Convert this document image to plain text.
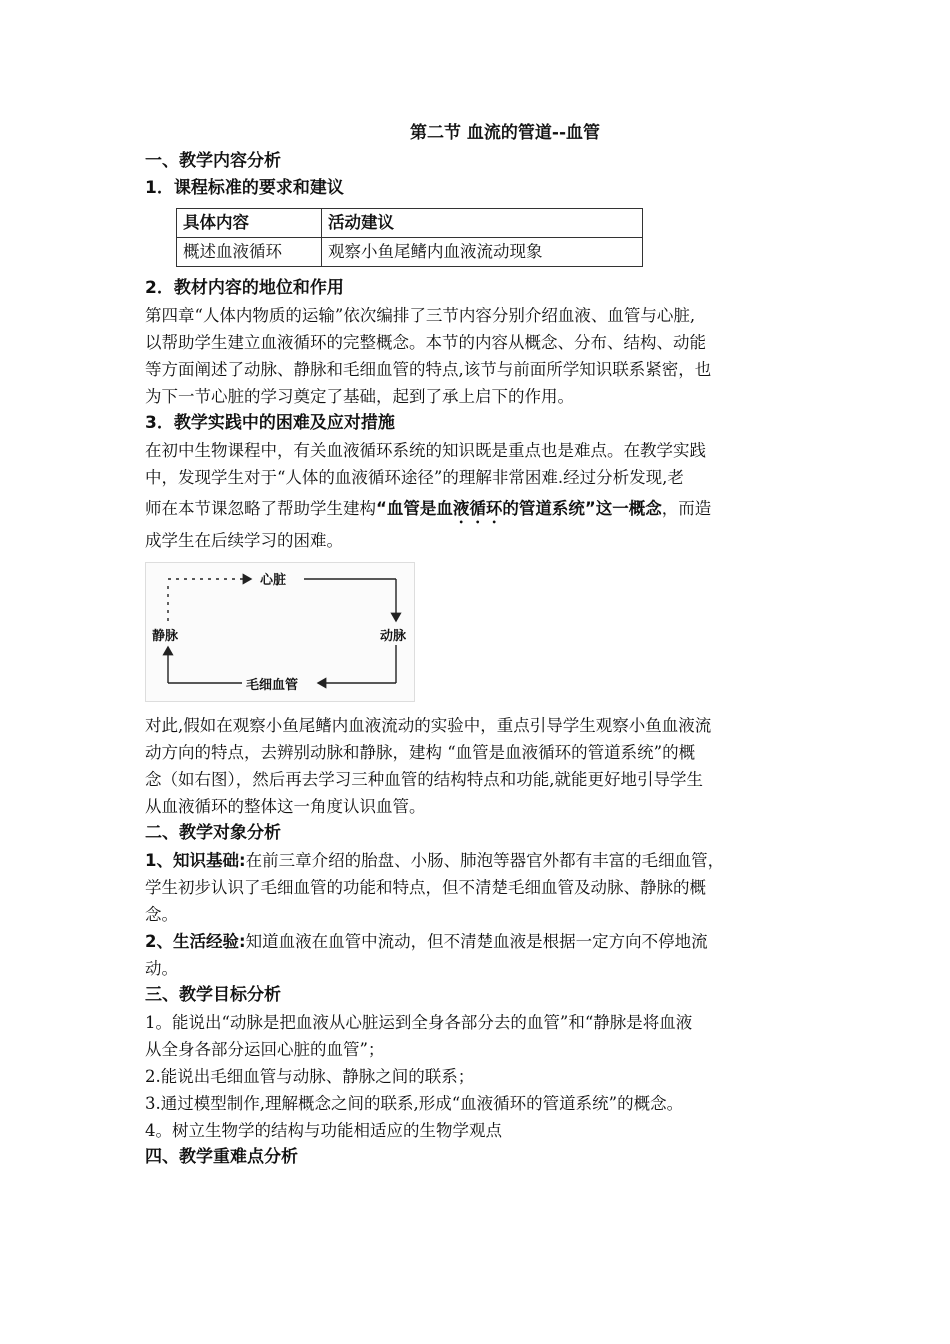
第二节 血流的管道--血管
一、教学内容分析
1．课程标准的要求和建议
具体内容	活动建议
概述血液循环	观察小鱼尾鳍内血液流动现象
2．教材内容的地位和作用
第四章“人体内物质的运输”依次编排了三节内容分别介绍血液、血管与心脏,
以帮助学生建立血液循环的完整概念。本节的内容从概念、分布、结构、动能
等方面阐述了动脉、静脉和毛细血管的特点,该节与前面所学知识联系紧密，也
为下一节心脏的学习奠定了基础，起到了承上启下的作用。
3．教学实践中的困难及应对措施
在初中生物课程中，有关血液循环系统的知识既是重点也是难点。在教学实践
中，发现学生对于“人体的血液循环途径”的理解非常困难.经过分析发现,老
师在本节课忽略了帮助学生建构“血管是血液循环的管道系统”这一概念，而造
成学生在后续学习的困难。
心脏
动脉
毛细血管
静脉
对此,假如在观察小鱼尾鳍内血液流动的实验中，重点引导学生观察小鱼血液流
动方向的特点，去辨别动脉和静脉，建构 “血管是血液循环的管道系统”的概
念（如右图），然后再去学习三种血管的结构特点和功能,就能更好地引导学生
从血液循环的整体这一角度认识血管。
二、教学对象分析
1、知识基础:在前三章介绍的胎盘、小肠、肺泡等器官外都有丰富的毛细血管，
学生初步认识了毛细血管的功能和特点，但不清楚毛细血管及动脉、静脉的概
念。
2、生活经验:知道血液在血管中流动，但不清楚血液是根据一定方向不停地流
动。
三、教学目标分析
1。能说出“动脉是把血液从心脏运到全身各部分去的血管”和“静脉是将血液
从全身各部分运回心脏的血管”；
2.能说出毛细血管与动脉、静脉之间的联系；
3.通过模型制作,理解概念之间的联系,形成“血液循环的管道系统”的概念。
4。树立生物学的结构与功能相适应的生物学观点
四、教学重难点分析
